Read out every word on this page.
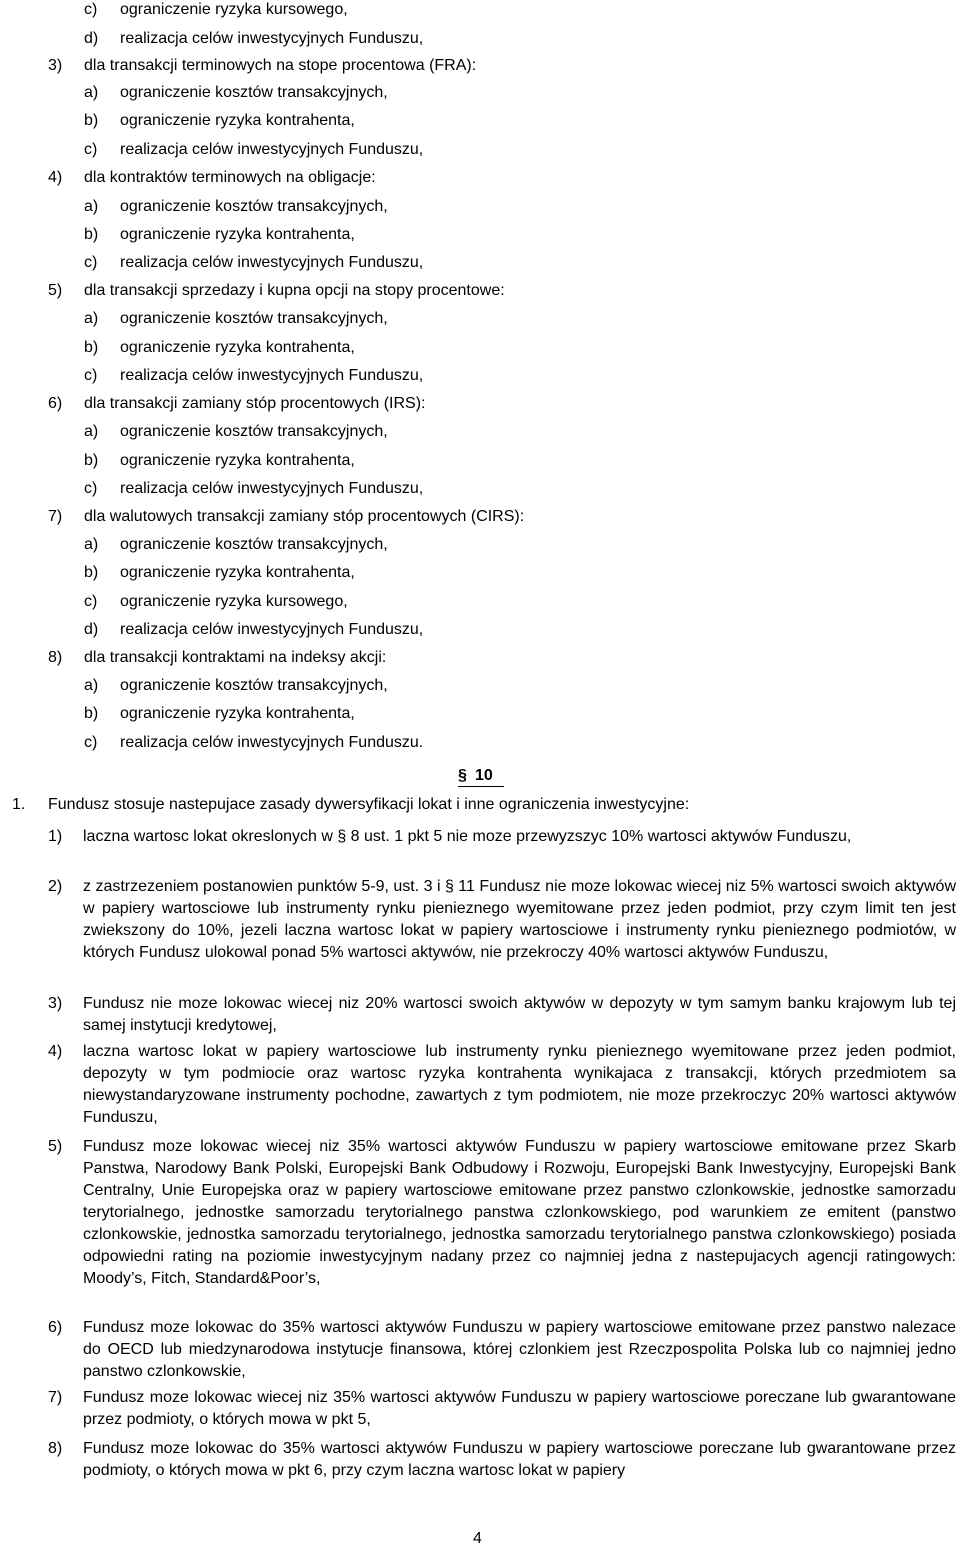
c) ograniczenie ryzyka kursowego,
d) realizacja celów inwestycyjnych Funduszu,
3) dla transakcji terminowych na stope procentowa (FRA):
a) ograniczenie kosztów transakcyjnych,
b) ograniczenie ryzyka kontrahenta,
c) realizacja celów inwestycyjnych Funduszu,
4) dla kontraktów terminowych na obligacje:
a) ograniczenie kosztów transakcyjnych,
b) ograniczenie ryzyka kontrahenta,
c) realizacja celów inwestycyjnych Funduszu,
5) dla transakcji sprzedazy i kupna opcji na stopy procentowe:
a) ograniczenie kosztów transakcyjnych,
b) ograniczenie ryzyka kontrahenta,
c) realizacja celów inwestycyjnych Funduszu,
6) dla transakcji zamiany stóp procentowych (IRS):
a) ograniczenie kosztów transakcyjnych,
b) ograniczenie ryzyka kontrahenta,
c) realizacja celów inwestycyjnych Funduszu,
7) dla walutowych transakcji zamiany stóp procentowych (CIRS):
a) ograniczenie kosztów transakcyjnych,
b) ograniczenie ryzyka kontrahenta,
c) ograniczenie ryzyka kursowego,
d) realizacja celów inwestycyjnych Funduszu,
8) dla transakcji kontraktami na indeksy akcji:
a) ograniczenie kosztów transakcyjnych,
b) ograniczenie ryzyka kontrahenta,
c) realizacja celów inwestycyjnych Funduszu.
§ 10
1. Fundusz stosuje nastepujace zasady dywersyfikacji lokat i inne ograniczenia inwestycyjne:
1) laczna wartosc lokat okreslonych w § 8 ust. 1 pkt 5 nie moze przewyzszyc 10% wartosci aktywów Funduszu,
2) z zastrzezeniem postanowien punktów 5-9, ust. 3 i § 11 Fundusz nie moze lokowac wiecej niz 5% wartosci swoich aktywów w papiery wartosciowe lub instrumenty rynku pienieznego wyemitowane przez jeden podmiot, przy czym limit ten jest zwiekszony do 10%, jezeli laczna wartosc lokat w papiery wartosciowe i instrumenty rynku pienieznego podmiotów, w których Fundusz ulokowal ponad 5% wartosci aktywów, nie przekroczy 40% wartosci aktywów Funduszu,
3) Fundusz nie moze lokowac wiecej niz 20% wartosci swoich aktywów w depozyty w tym samym banku krajowym lub tej samej instytucji kredytowej,
4) laczna wartosc lokat w papiery wartosciowe lub instrumenty rynku pienieznego wyemitowane przez jeden podmiot, depozyty w tym podmiocie oraz wartosc ryzyka kontrahenta wynikajaca z transakcji, których przedmiotem sa niewystandaryzowane instrumenty pochodne, zawartych z tym podmiotem, nie moze przekroczyc 20% wartosci aktywów Funduszu,
5) Fundusz moze lokowac wiecej niz 35% wartosci aktywów Funduszu w papiery wartosciowe emitowane przez Skarb Panstwa, Narodowy Bank Polski, Europejski Bank Odbudowy i Rozwoju, Europejski Bank Inwestycyjny, Europejski Bank Centralny, Unie Europejska oraz w papiery wartosciowe emitowane przez panstwo czlonkowskie, jednostke samorzadu terytorialnego, jednostke samorzadu terytorialnego panstwa czlonkowskiego, pod warunkiem ze emitent (panstwo czlonkowskie, jednostka samorzadu terytorialnego, jednostka samorzadu terytorialnego panstwa czlonkowskiego) posiada odpowiedni rating na poziomie inwestycyjnym nadany przez co najmniej jedna z nastepujacych agencji ratingowych: Moody’s, Fitch, Standard&Poor’s,
6) Fundusz moze lokowac do 35% wartosci aktywów Funduszu w papiery wartosciowe emitowane przez panstwo nalezace do OECD lub miedzynarodowa instytucje finansowa, której czlonkiem jest Rzeczpospolita Polska lub co najmniej jedno panstwo czlonkowskie,
7) Fundusz moze lokowac wiecej niz 35% wartosci aktywów Funduszu w papiery wartosciowe poreczane lub gwarantowane przez podmioty, o których mowa w pkt 5,
8) Fundusz moze lokowac do 35% wartosci aktywów Funduszu w papiery wartosciowe poreczane lub gwarantowane przez podmioty, o których mowa w pkt 6, przy czym laczna wartosc lokat w papiery
4
